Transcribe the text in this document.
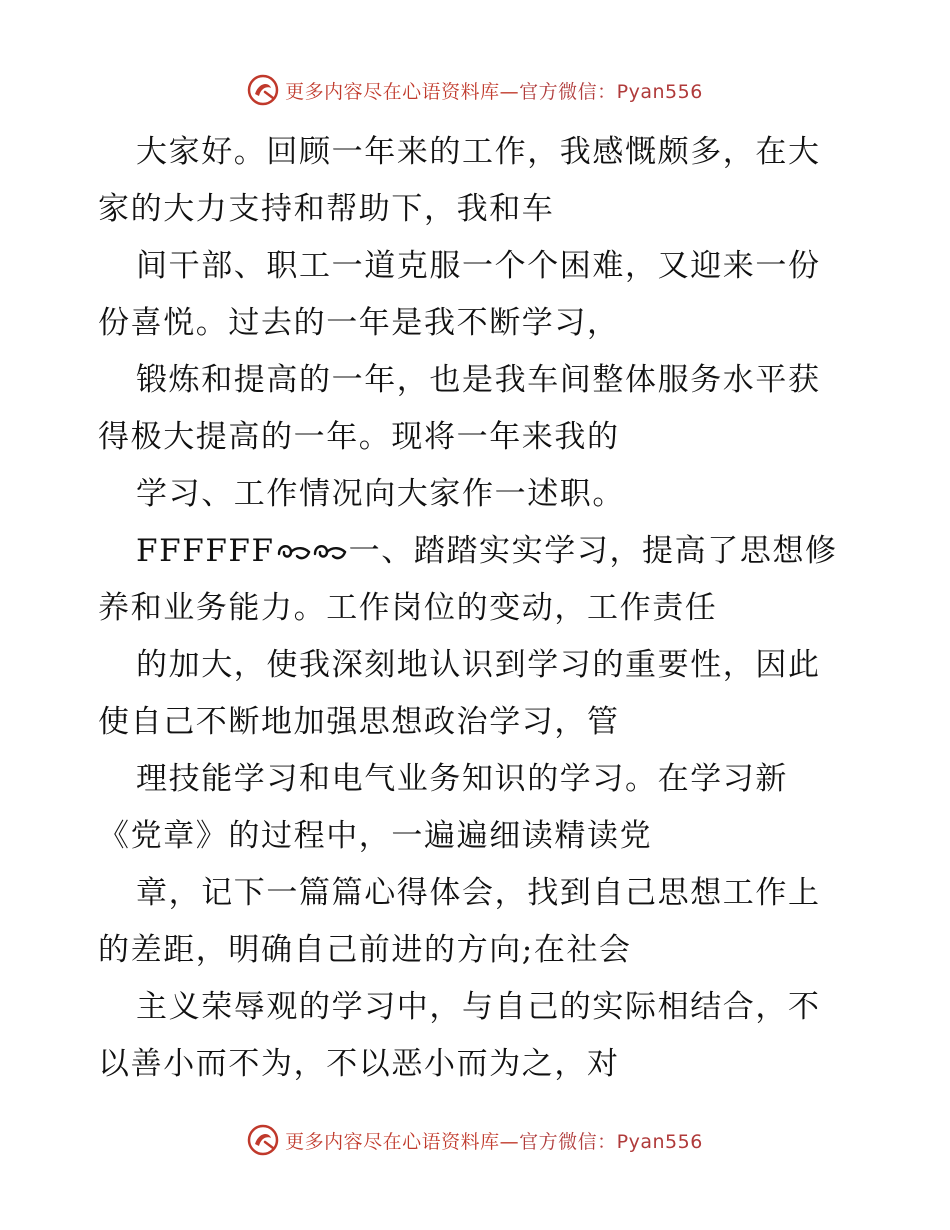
更多内容尽在心语资料库—官方微信：Pyan556

大家好。回顾一年来的工作，我感慨颇多，在大
家的大力支持和帮助下，我和车

间干部、职工一道克服一个个困难，又迎来一份
份喜悦。过去的一年是我不断学习，

锻炼和提高的一年，也是我车间整体服务水平获
得极大提高的一年。现将一年来我的

学习、工作情况向大家作一述职。

FFFFFF 一、踏踏实实学习，提高了思想修
养和业务能力。工作岗位的变动，工作责任

的加大，使我深刻地认识到学习的重要性，因此
使自己不断地加强思想政治学习，管

理技能学习和电气业务知识的学习。在学习新
《党章》的过程中，一遍遍细读精读党

章，记下一篇篇心得体会，找到自己思想工作上
的差距，明确自己前进的方向;在社会

主义荣辱观的学习中，与自己的实际相结合，不
以善小而不为，不以恶小而为之，对

更多内容尽在心语资料库—官方微信：Pyan556
